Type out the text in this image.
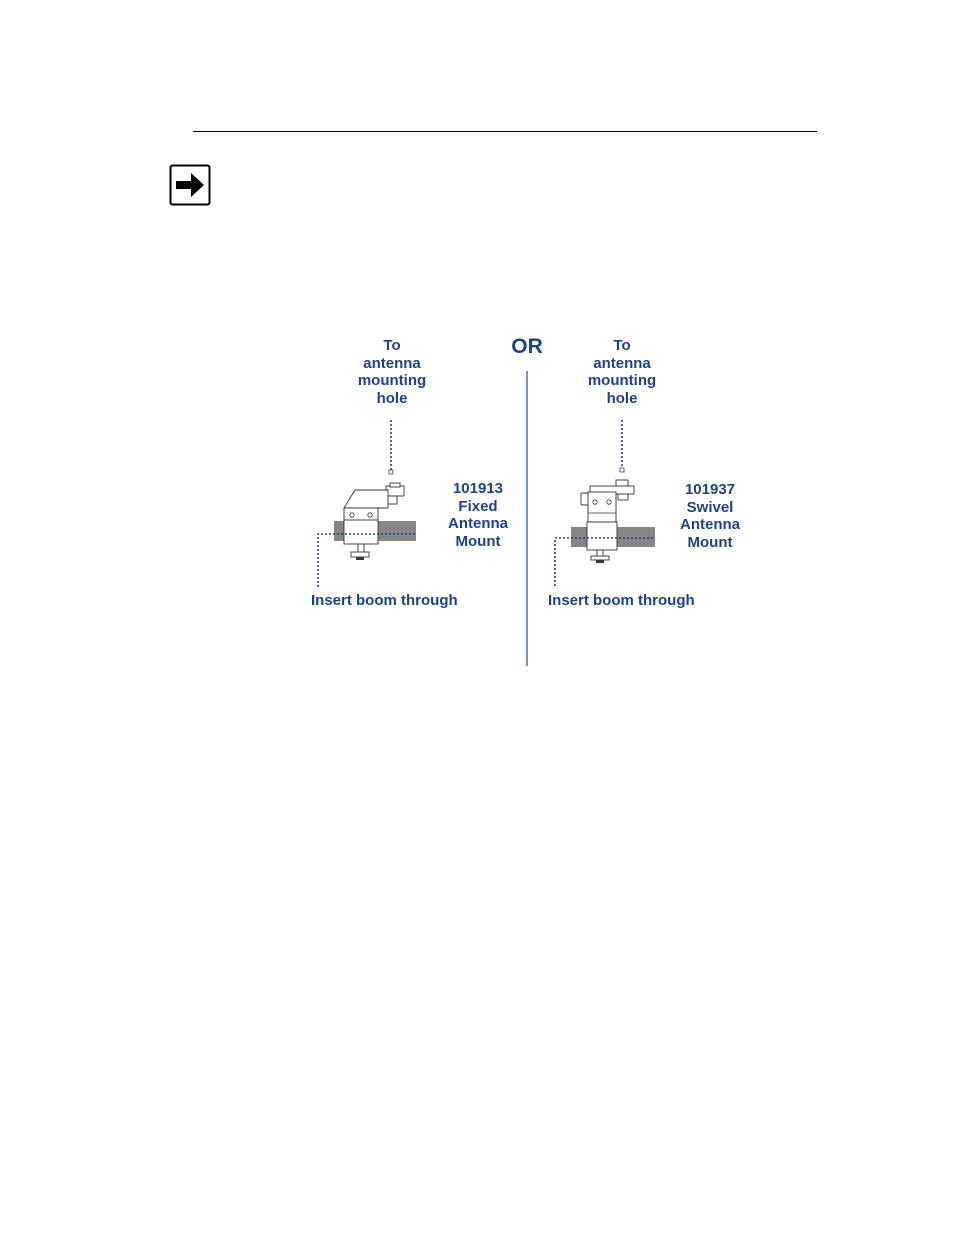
OR
To
antenna
mounting
hole
101913
Fixed
Antenna
Mount
Insert boom through
To
antenna
mounting
hole
101937
Swivel
Antenna
Mount
Insert boom through
